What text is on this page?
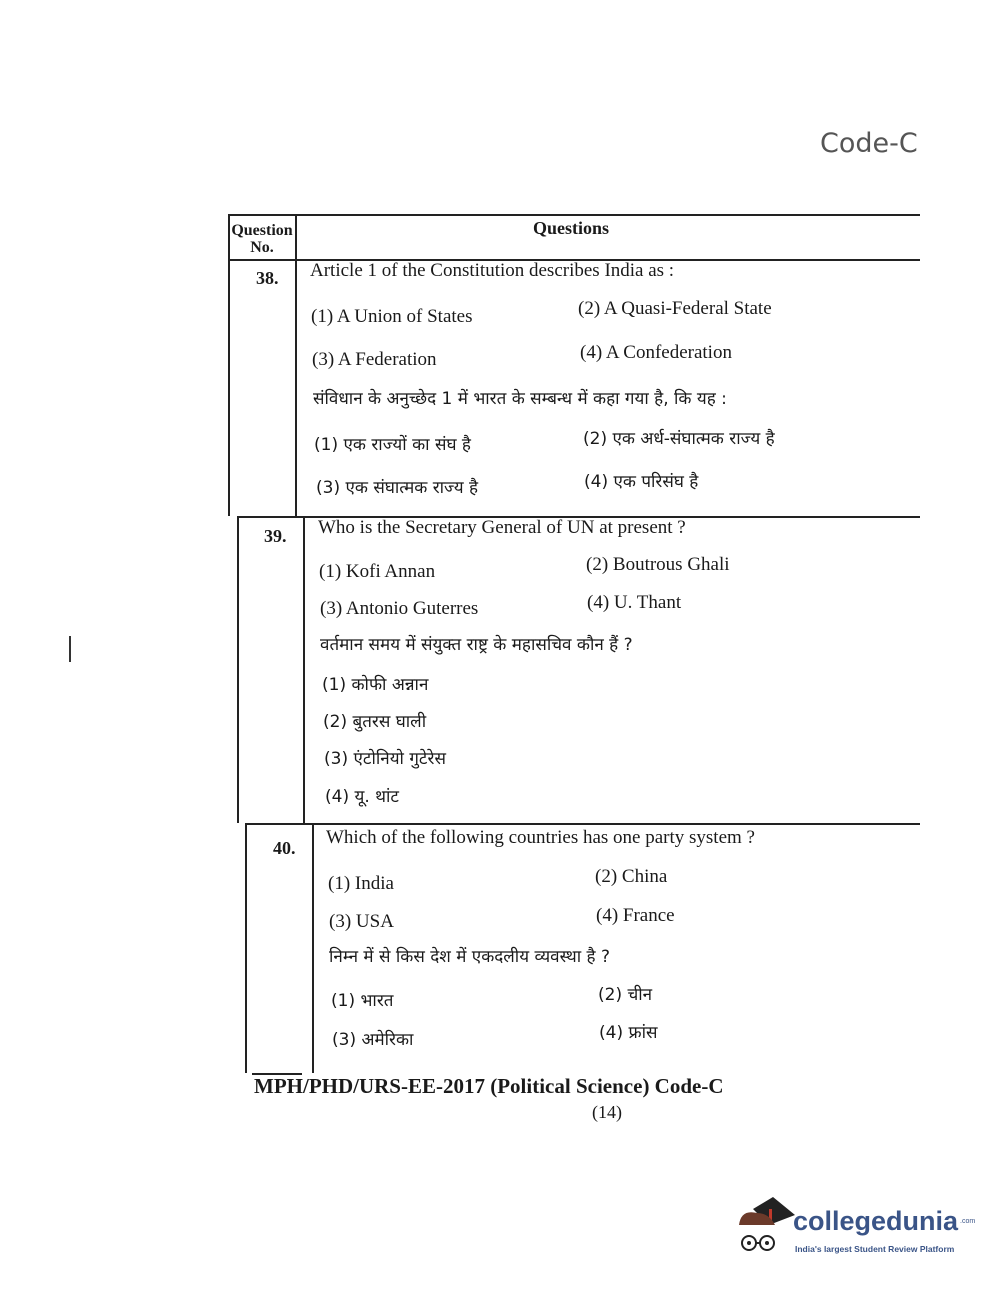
Code-C
Question No.
Questions
38. Article 1 of the Constitution describes India as :
(1) A Union of States	(2) A Quasi-Federal State
(3) A Federation	(4) A Confederation
संविधान के अनुच्छेद 1 में भारत के सम्बन्ध में कहा गया है, कि यह :
(1) एक राज्यों का संघ है	(2) एक अर्ध-संघात्मक राज्य है
(3) एक संघात्मक राज्य है	(4) एक परिसंघ है
39. Who is the Secretary General of UN at present ?
(1) Kofi Annan	(2) Boutrous Ghali
(3) Antonio Guterres	(4) U. Thant
वर्तमान समय में संयुक्त राष्ट्र के महासचिव कौन हैं ?
(1) कोफी अन्नान
(2) बुतरस घाली
(3) एंटोनियो गुटेरेस
(4) यू. थांट
40. Which of the following countries has one party system ?
(1) India	(2) China
(3) USA	(4) France
निम्न में से किस देश में एकदलीय व्यवस्था है ?
(1) भारत	(2) चीन
(3) अमेरिका	(4) फ्रांस
MPH/PHD/URS-EE-2017 (Political Science) Code-C
(14)
collegedunia .com
India's largest Student Review Platform
